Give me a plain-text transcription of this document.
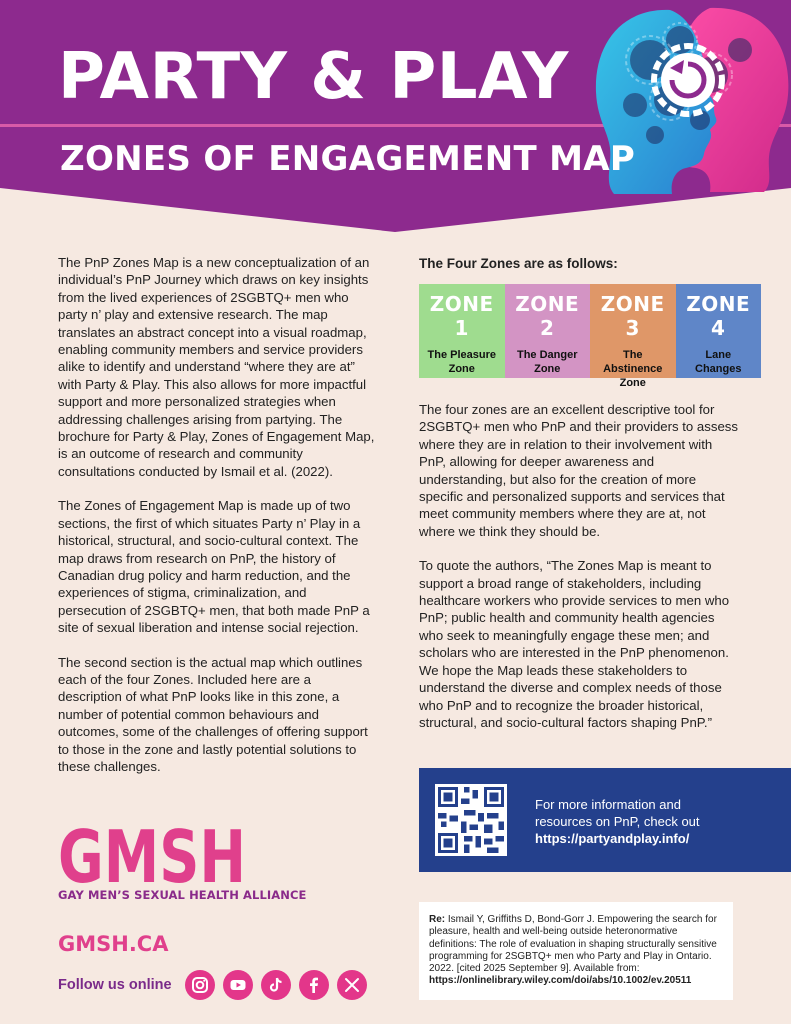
PARTY & PLAY
ZONES OF ENGAGEMENT MAP

The PnP Zones Map is a new conceptualization of an individual’s PnP Journey which draws on key insights from the lived experiences of 2SGBTQ+ men who party n’ play and extensive research. The map translates an abstract concept into a visual roadmap, enabling community members and service providers alike to identify and understand “where they are at” with Party & Play. This also allows for more impactful support and more personalized strategies when addressing challenges arising from partying. The brochure for Party & Play, Zones of Engagement Map, is an outcome of research and community consultations conducted by Ismail et al. (2022).

The Zones of Engagement Map is made up of two sections, the first of which situates Party n’ Play in a historical, structural, and socio-cultural context. The map draws from research on PnP, the history of Canadian drug policy and harm reduction, and the experiences of stigma, criminalization, and persecution of 2SGBTQ+ men, that both made PnP a site of sexual liberation and intense social rejection.

The second section is the actual map which outlines each of the four Zones. Included here are a description of what PnP looks like in this zone, a number of potential common behaviours and outcomes, some of the challenges of offering support to those in the zone and lastly potential solutions to these challenges.

The Four Zones are as follows:
ZONE 1
The Pleasure Zone
ZONE 2
The Danger Zone
ZONE 3
The Abstinence Zone
ZONE 4
Lane Changes

The four zones are an excellent descriptive tool for 2SGBTQ+ men who PnP and their providers to assess where they are in relation to their involvement with PnP, allowing for deeper awareness and understanding, but also for the creation of more specific and personalized supports and services that meet community members where they are at, not where we think they should be.

To quote the authors, “The Zones Map is meant to support a broad range of stakeholders, including healthcare workers who provide services to men who PnP; public health and community health agencies who seek to meaningfully engage these men; and scholars who are interested in the PnP phenomenon. We hope the Map leads these stakeholders to understand the diverse and complex needs of those who PnP and to recognize the broader historical, structural, and socio-cultural factors shaping PnP.”

For more information and
resources on PnP, check out
https://partyandplay.info/
GMSH
GAY MEN’S SEXUAL HEALTH ALLIANCE
GMSH.CA
Follow us online
Re: Ismail Y, Griffiths D, Bond-Gorr J. Empowering the search for pleasure, health and well-being outside heteronormative definitions: The role of evaluation in shaping structurally sensitive programming for 2SGBTQ+ men who Party and Play in Ontario. 2022. [cited 2025 September 9]. Available from: https://onlinelibrary.wiley.com/doi/abs/10.1002/ev.20511
